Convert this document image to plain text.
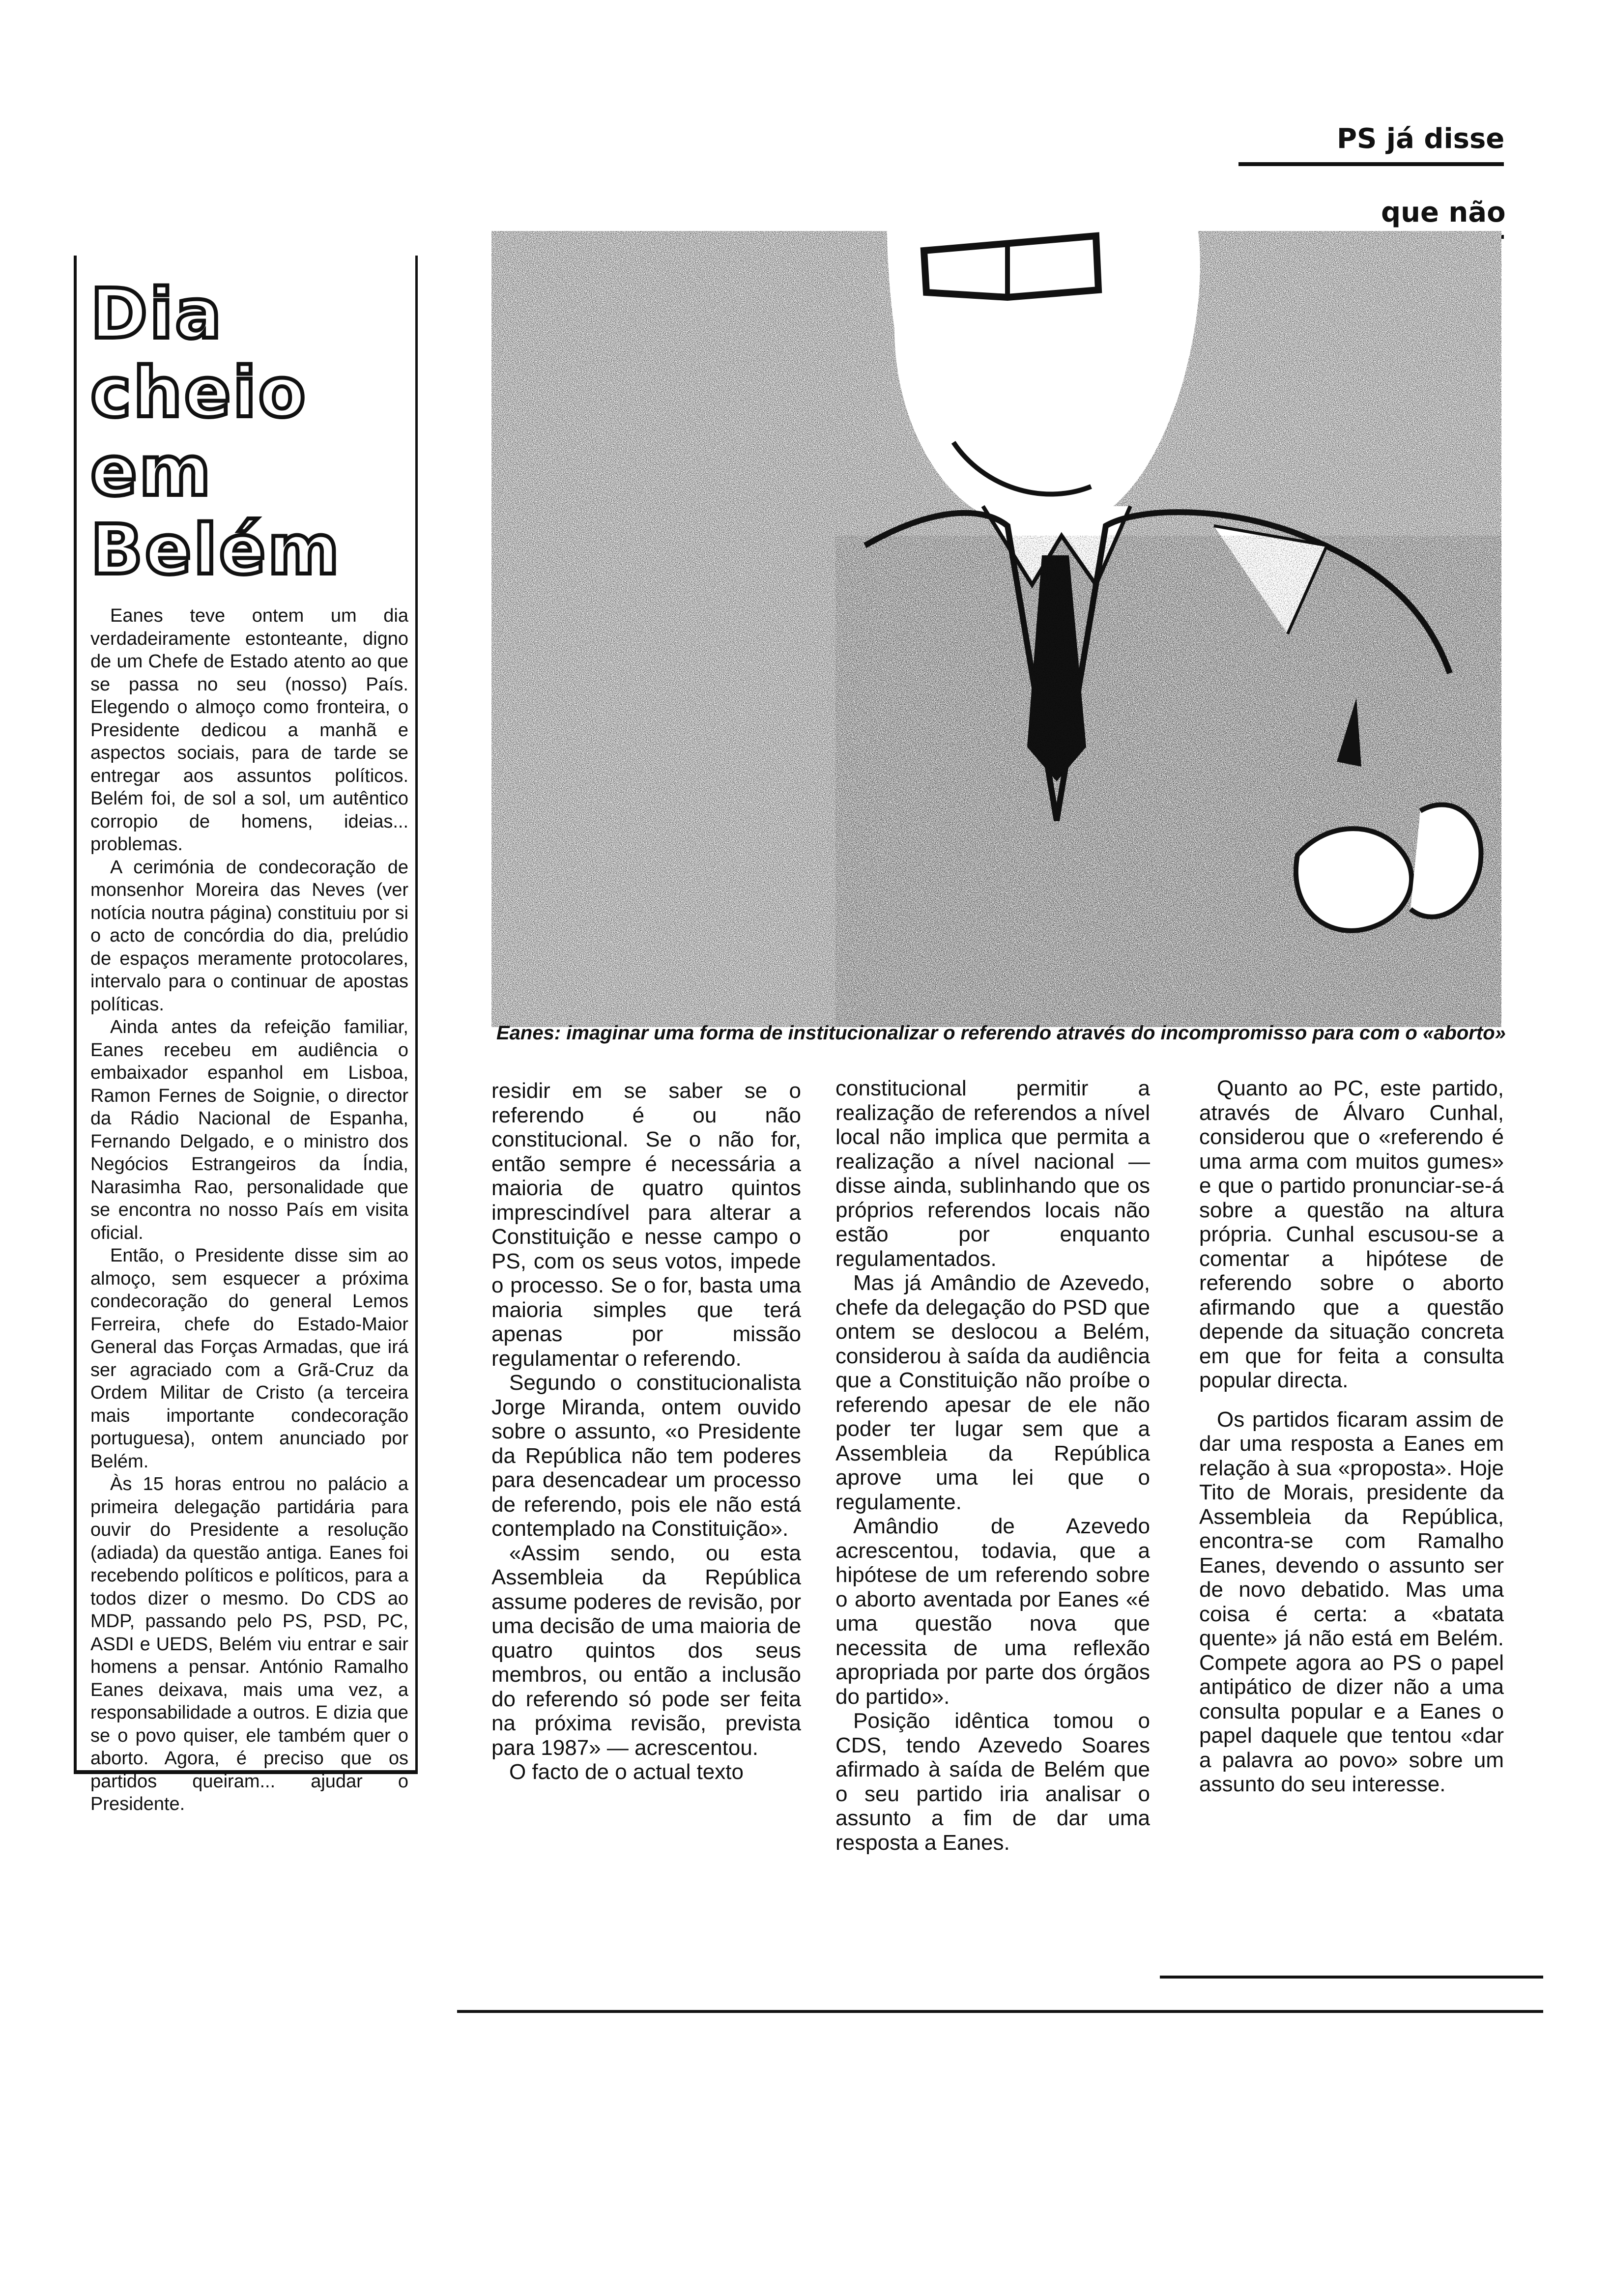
PS já disse
que não
Dia cheio
em Belém

Eanes teve ontem um dia verdadeiramente estonteante, digno de um Chefe de Estado atento ao que se passa no seu (nosso) País. Elegendo o almoço como fronteira, o Presidente dedicou a manhã e aspectos sociais, para de tarde se entregar aos assuntos políticos. Belém foi, de sol a sol, um autêntico corropio de homens, ideias... problemas.

A cerimónia de condecoração de monsenhor Moreira das Neves (ver notícia noutra página) constituiu por si o acto de concórdia do dia, prelúdio de espaços meramente protocolares, intervalo para o continuar de apostas políticas.

Ainda antes da refeição familiar, Eanes recebeu em audiência o embaixador espanhol em Lisboa, Ramon Fernes de Soignie, o director da Rádio Nacional de Espanha, Fernando Delgado, e o ministro dos Negócios Estrangeiros da Índia, Narasimha Rao, personalidade que se encontra no nosso País em visita oficial.

Então, o Presidente disse sim ao almoço, sem esquecer a próxima condecoração do general Lemos Ferreira, chefe do Estado-Maior General das Forças Armadas, que irá ser agraciado com a Grã-Cruz da Ordem Militar de Cristo (a terceira mais importante condecoração portuguesa), ontem anunciado por Belém.

Às 15 horas entrou no palácio a primeira delegação partidária para ouvir do Presidente a resolução (adiada) da questão antiga. Eanes foi recebendo políticos e políticos, para a todos dizer o mesmo. Do CDS ao MDP, passando pelo PS, PSD, PC, ASDI e UEDS, Belém viu entrar e sair homens a pensar. António Ramalho Eanes deixava, mais uma vez, a responsabilidade a outros. E dizia que se o povo quiser, ele também quer o aborto. Agora, é preciso que os partidos queiram... ajudar o Presidente.

Eanes: imaginar uma forma de institucionalizar o referendo através do incompromisso para com o «aborto»

residir em se saber se o referendo é ou não constitucional. Se o não for, então sempre é necessária a maioria de quatro quintos imprescindível para alterar a Constituição e nesse campo o PS, com os seus votos, impede o processo. Se o for, basta uma maioria simples que terá apenas por missão regulamentar o referendo.

Segundo o constitucionalista Jorge Miranda, ontem ouvido sobre o assunto, «o Presidente da República não tem poderes para desencadear um processo de referendo, pois ele não está contemplado na Constituição».

«Assim sendo, ou esta Assembleia da República assume poderes de revisão, por uma decisão de uma maioria de quatro quintos dos seus membros, ou então a inclusão do referendo só pode ser feita na próxima revisão, prevista para 1987» — acrescentou.

O facto de o actual texto

constitucional permitir a realização de referendos a nível local não implica que permita a realização a nível nacional — disse ainda, sublinhando que os próprios referendos locais não estão por enquanto regulamentados.

Mas já Amândio de Azevedo, chefe da delegação do PSD que ontem se deslocou a Belém, considerou à saída da audiência que a Constituição não proíbe o referendo apesar de ele não poder ter lugar sem que a Assembleia da República aprove uma lei que o regulamente.

Amândio de Azevedo acrescentou, todavia, que a hipótese de um referendo sobre o aborto aventada por Eanes «é uma questão nova que necessita de uma reflexão apropriada por parte dos órgãos do partido».

Posição idêntica tomou o CDS, tendo Azevedo Soares afirmado à saída de Belém que o seu partido iria analisar o assunto a fim de dar uma resposta a Eanes.

Quanto ao PC, este partido, através de Álvaro Cunhal, considerou que o «referendo é uma arma com muitos gumes» e que o partido pronunciar-se-á sobre a questão na altura própria. Cunhal escusou-se a comentar a hipótese de referendo sobre o aborto afirmando que a questão depende da situação concreta em que for feita a consulta popular directa.

Os partidos ficaram assim de dar uma resposta a Eanes em relação à sua «proposta». Hoje Tito de Morais, presidente da Assembleia da República, encontra-se com Ramalho Eanes, devendo o assunto ser de novo debatido. Mas uma coisa é certa: a «batata quente» já não está em Belém. Compete agora ao PS o papel antipático de dizer não a uma consulta popular e a Eanes o papel daquele que tentou «dar a palavra ao povo» sobre um assunto do seu interesse.
